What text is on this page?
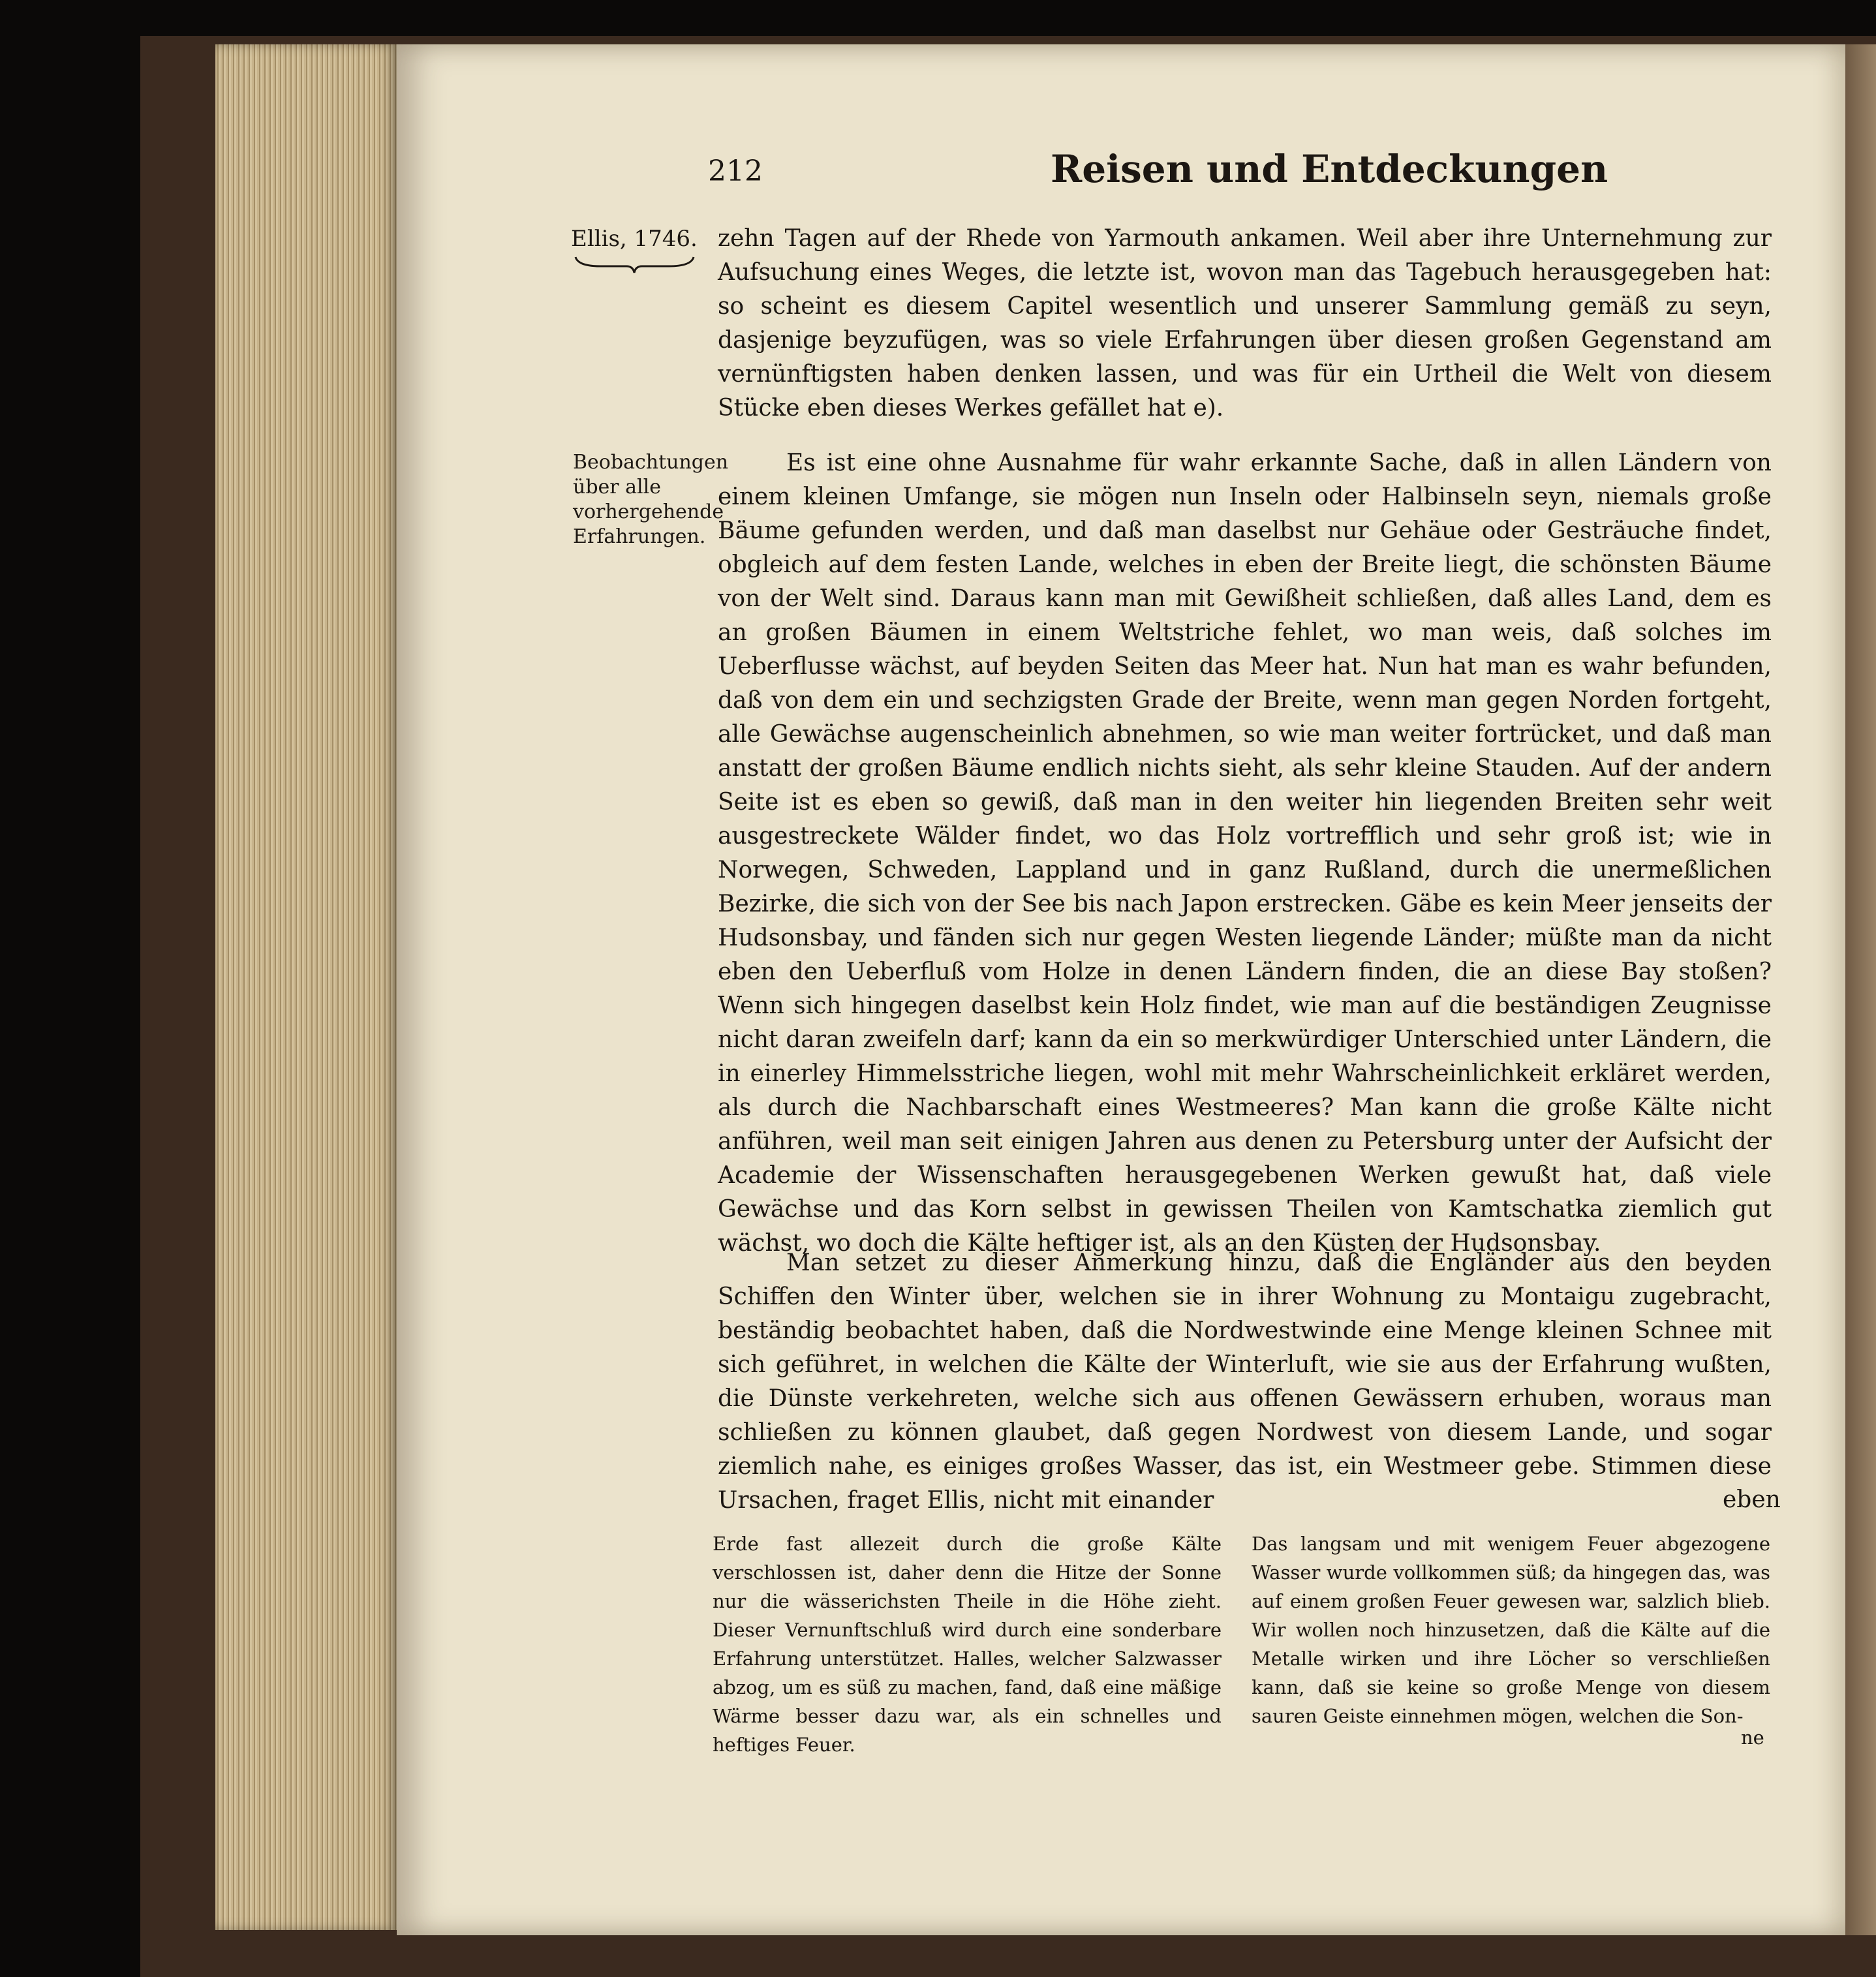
212	Reisen und Entdeckungen
Ellis, 1746.
Beobachtungen über alle vorhergehende Erfahrungen.

zehn Tagen auf der Rhede von Yarmouth ankamen. Weil aber ihre Unternehmung zur Aufsuchung eines Weges, die letzte ist, wovon man das Tagebuch herausgegeben hat: so scheint es diesem Capitel wesentlich und unserer Sammlung gemäß zu seyn, dasjenige beyzufügen, was so viele Erfahrungen über diesen großen Gegenstand am vernünftigsten haben denken lassen, und was für ein Urtheil die Welt von diesem Stücke eben dieses Werkes gefället hat e).

Es ist eine ohne Ausnahme für wahr erkannte Sache, daß in allen Ländern von einem kleinen Umfange, sie mögen nun Inseln oder Halbinseln seyn, niemals große Bäume gefunden werden, und daß man daselbst nur Gehäue oder Gesträuche findet, obgleich auf dem festen Lande, welches in eben der Breite liegt, die schönsten Bäume von der Welt sind. Daraus kann man mit Gewißheit schließen, daß alles Land, dem es an großen Bäumen in einem Weltstriche fehlet, wo man weis, daß solches im Ueberflusse wächst, auf beyden Seiten das Meer hat. Nun hat man es wahr befunden, daß von dem ein und sechzigsten Grade der Breite, wenn man gegen Norden fortgeht, alle Gewächse augenscheinlich abnehmen, so wie man weiter fortrücket, und daß man anstatt der großen Bäume endlich nichts sieht, als sehr kleine Stauden. Auf der andern Seite ist es eben so gewiß, daß man in den weiter hin liegenden Breiten sehr weit ausgestreckete Wälder findet, wo das Holz vortrefflich und sehr groß ist; wie in Norwegen, Schweden, Lappland und in ganz Rußland, durch die unermeßlichen Bezirke, die sich von der See bis nach Japon erstrecken. Gäbe es kein Meer jenseits der Hudsonsbay, und fänden sich nur gegen Westen liegende Länder; müßte man da nicht eben den Ueberfluß vom Holze in denen Ländern finden, die an diese Bay stoßen? Wenn sich hingegen daselbst kein Holz findet, wie man auf die beständigen Zeugnisse nicht daran zweifeln darf; kann da ein so merkwürdiger Unterschied unter Ländern, die in einerley Himmelsstriche liegen, wohl mit mehr Wahrscheinlichkeit erkläret werden, als durch die Nachbarschaft eines Westmeeres? Man kann die große Kälte nicht anführen, weil man seit einigen Jahren aus denen zu Petersburg unter der Aufsicht der Academie der Wissenschaften herausgegebenen Werken gewußt hat, daß viele Gewächse und das Korn selbst in gewissen Theilen von Kamtschatka ziemlich gut wächst, wo doch die Kälte heftiger ist, als an den Küsten der Hudsonsbay.

Man setzet zu dieser Anmerkung hinzu, daß die Engländer aus den beyden Schiffen den Winter über, welchen sie in ihrer Wohnung zu Montaigu zugebracht, beständig beobachtet haben, daß die Nordwestwinde eine Menge kleinen Schnee mit sich geführet, in welchen die Kälte der Winterluft, wie sie aus der Erfahrung wußten, die Dünste verkehreten, welche sich aus offenen Gewässern erhuben, woraus man schließen zu können glaubet, daß gegen Nordwest von diesem Lande, und sogar ziemlich nahe, es einiges großes Wasser, das ist, ein Westmeer gebe. Stimmen diese Ursachen, fraget Ellis, nicht mit einander	eben

Erde fast allezeit durch die große Kälte verschlossen ist, daher denn die Hitze der Sonne nur die wässerichsten Theile in die Höhe zieht. Dieser Vernunftschluß wird durch eine sonderbare Erfahrung unterstützet. Halles, welcher Salzwasser abzog, um es süß zu machen, fand, daß eine mäßige Wärme besser dazu war, als ein schnelles und heftiges Feuer.

Das langsam und mit wenigem Feuer abgezogene Wasser wurde vollkommen süß; da hingegen das, was auf einem großen Feuer gewesen war, salzlich blieb. Wir wollen noch hinzusetzen, daß die Kälte auf die Metalle wirken und ihre Löcher so verschließen kann, daß sie keine so große Menge von diesem sauren Geiste einnehmen mögen, welchen die Son-

ne
